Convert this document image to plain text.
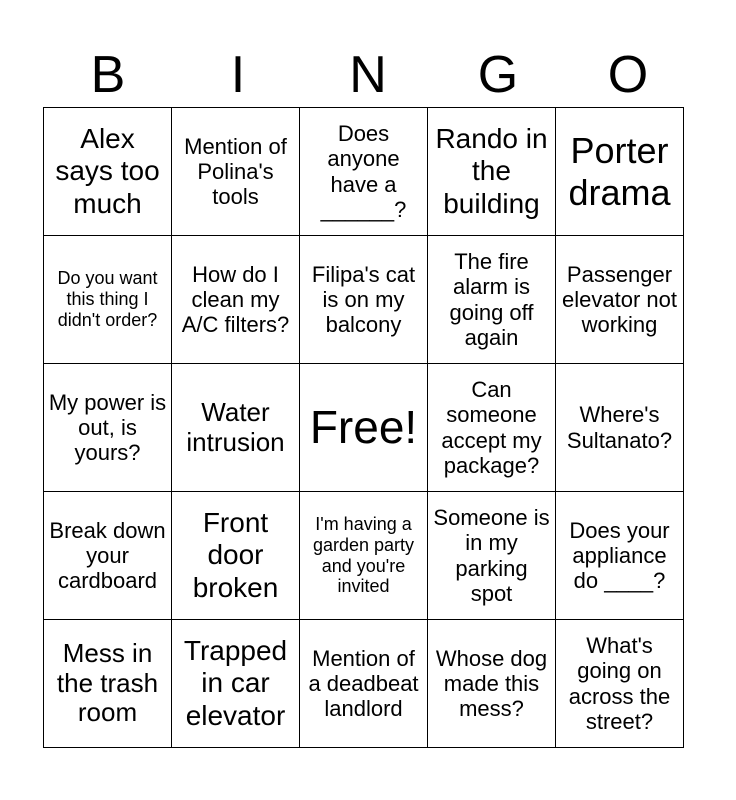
B	I	N	G	O
Alex says too much	Mention of Polina's tools	Does anyone have a ______?	Rando in the building	Porter drama
Do you want this thing I didn't order?	How do I clean my A/C filters?	Filipa's cat is on my balcony	The fire alarm is going off again	Passenger elevator not working
My power is out, is yours?	Water intrusion	Free!	Can someone accept my package?	Where's Sultanato?
Break down your cardboard	Front door broken	I'm having a garden party and you're invited	Someone is in my parking spot	Does your appliance do ____?
Mess in the trash room	Trapped in car elevator	Mention of a deadbeat landlord	Whose dog made this mess?	What's going on across the street?
